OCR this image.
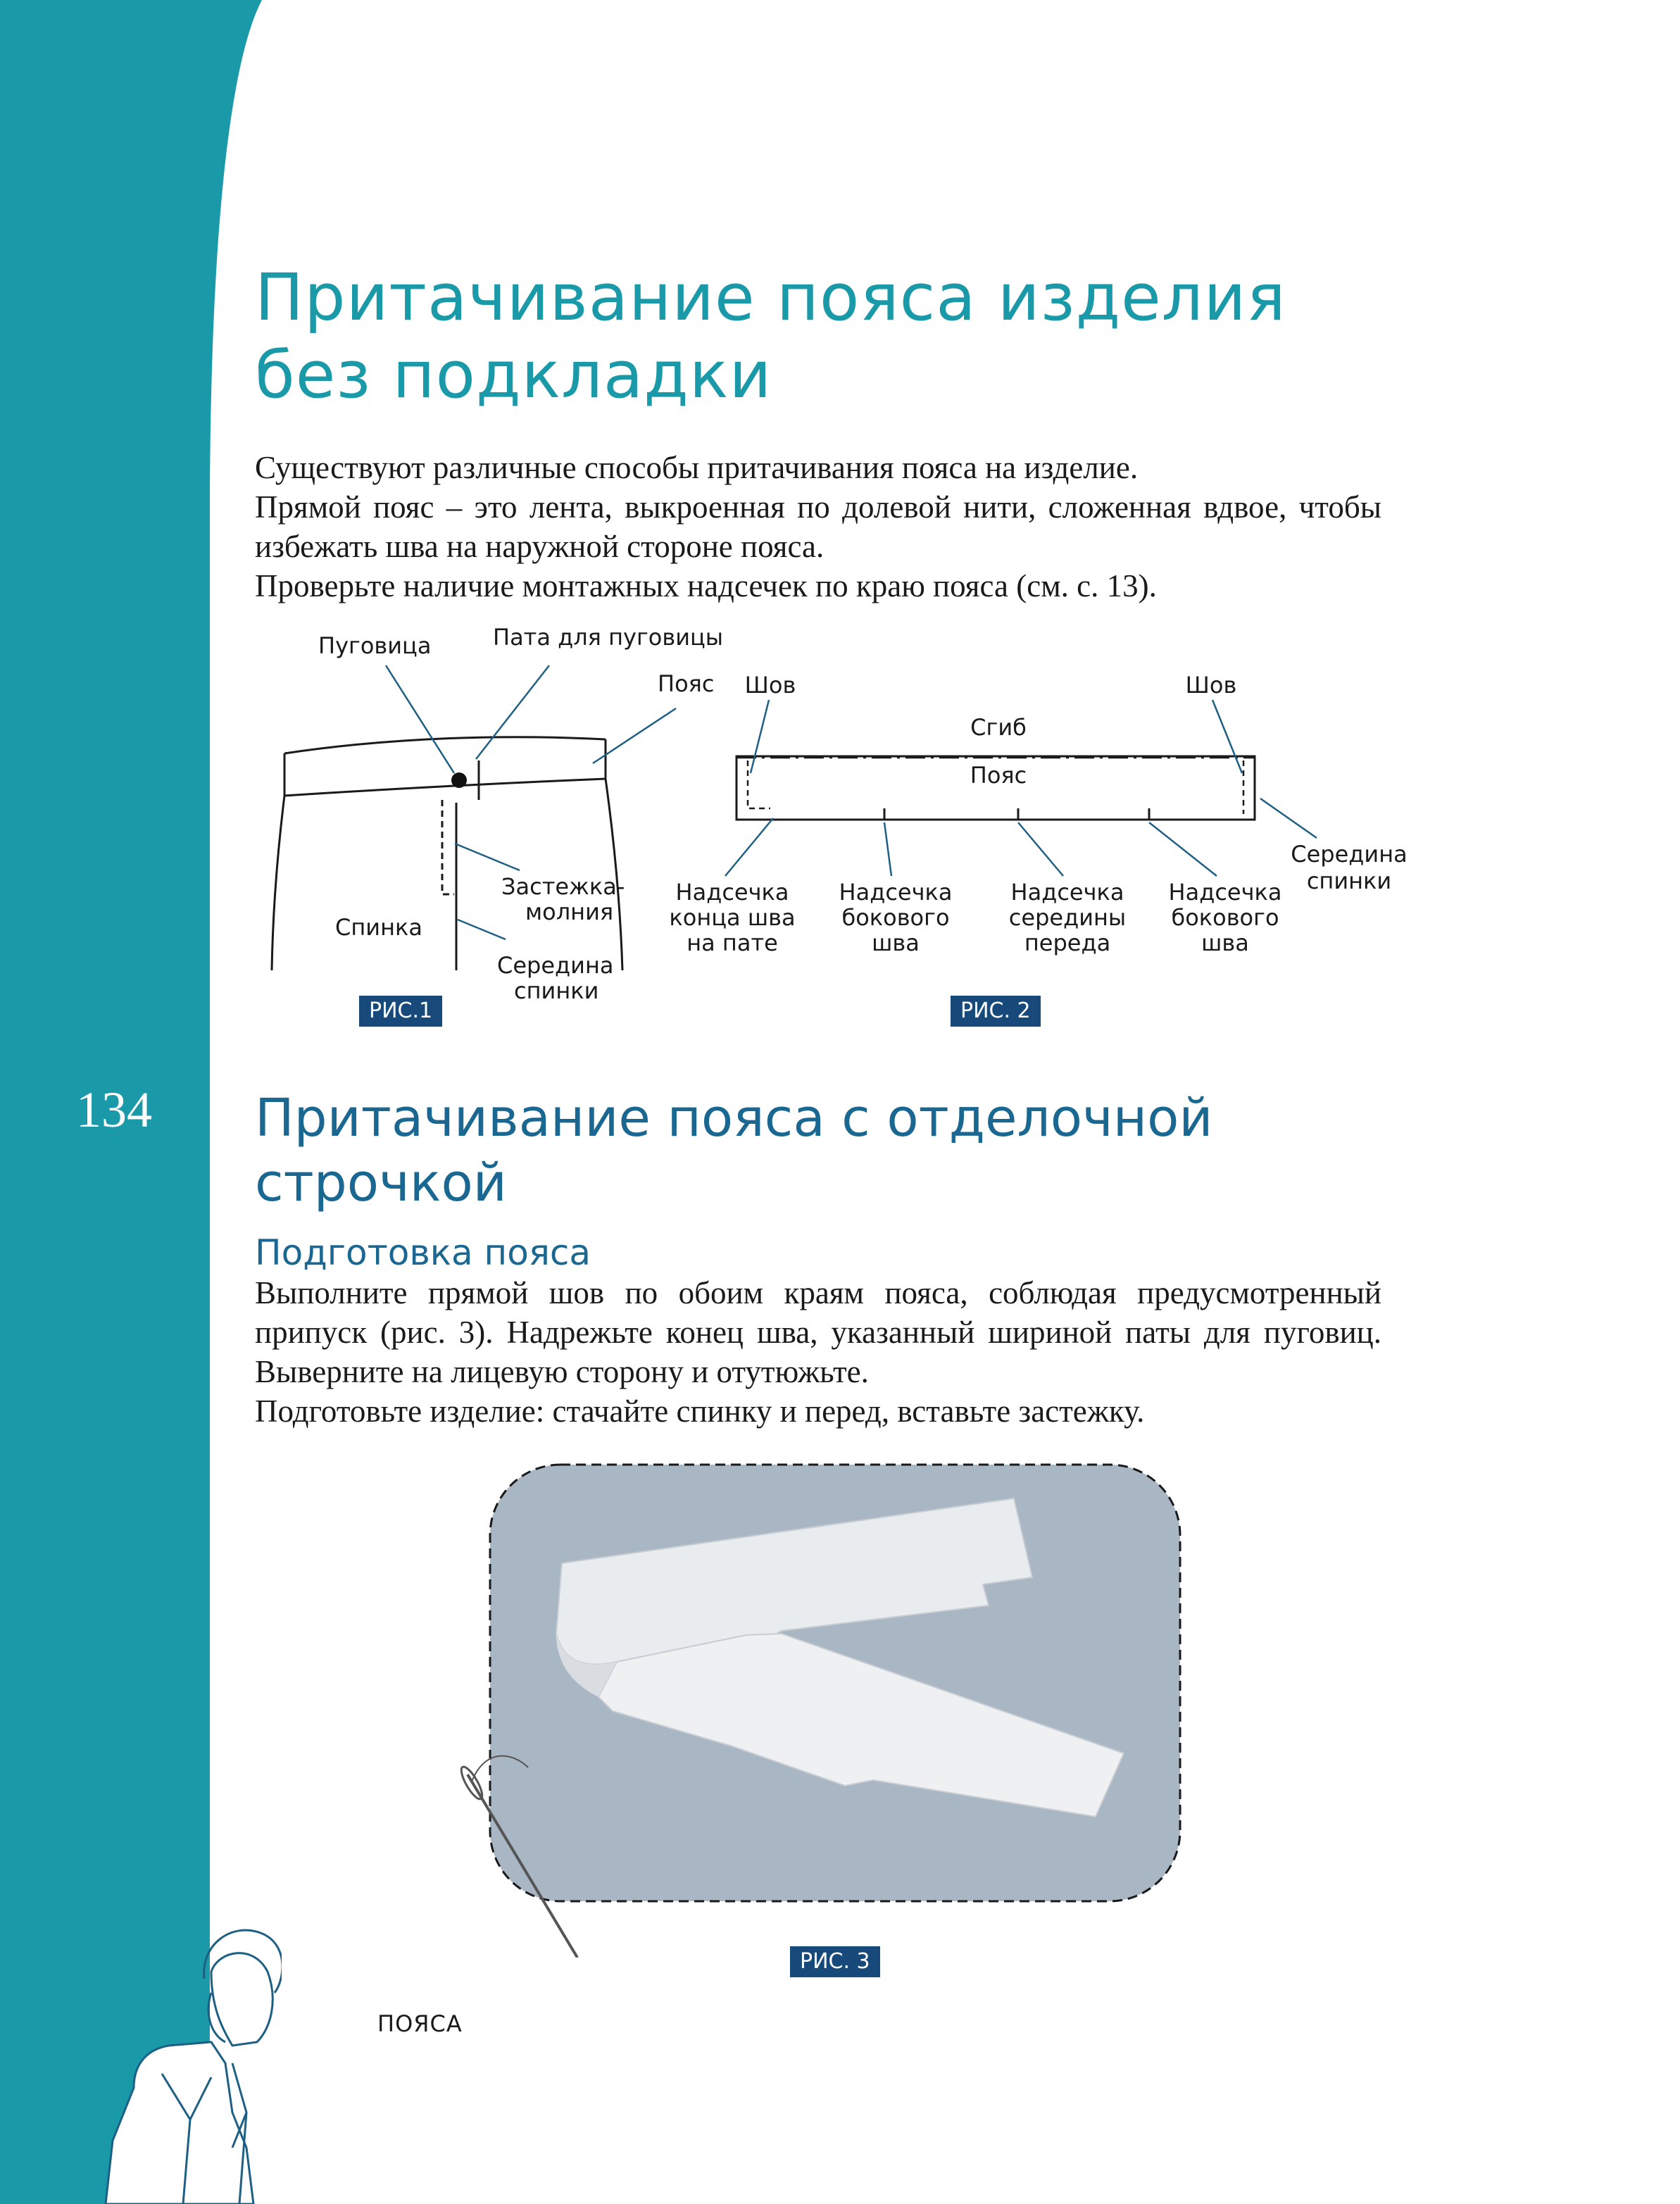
134
Притачивание пояса изделия
без подкладки

Существуют различные способы притачивания пояса на изделие.

Прямой пояс – это лента, выкроенная по долевой нити, сложенная вдвое, чтобы избежать шва на наружной стороне пояса.

Проверьте наличие монтажных надсечек по краю пояса (см. с. 13).

Пуговица	Пата для пуговицы
Пояс
Застежка-
молния
Спинка
Середина
спинки
Шов	Шов
Сгиб
Пояс
Середина
спинки
Надсечка
конца шва
на пате
Надсечка
бокового
шва
Надсечка
середины
переда
Надсечка
бокового
шва
РИС.1	РИС. 2
Притачивание пояса с отделочной
строчкой
Подготовка пояса

Выполните прямой шов по обоим краям пояса, соблюдая предусмотренный припуск (рис. 3). Надрежьте конец шва, указанный шириной паты для пуговиц. Выверните на лицевую сторону и отутюжьте.

Подготовьте изделие: стачайте спинку и перед, вставьте застежку.

РИС. 3
ПОЯСА
